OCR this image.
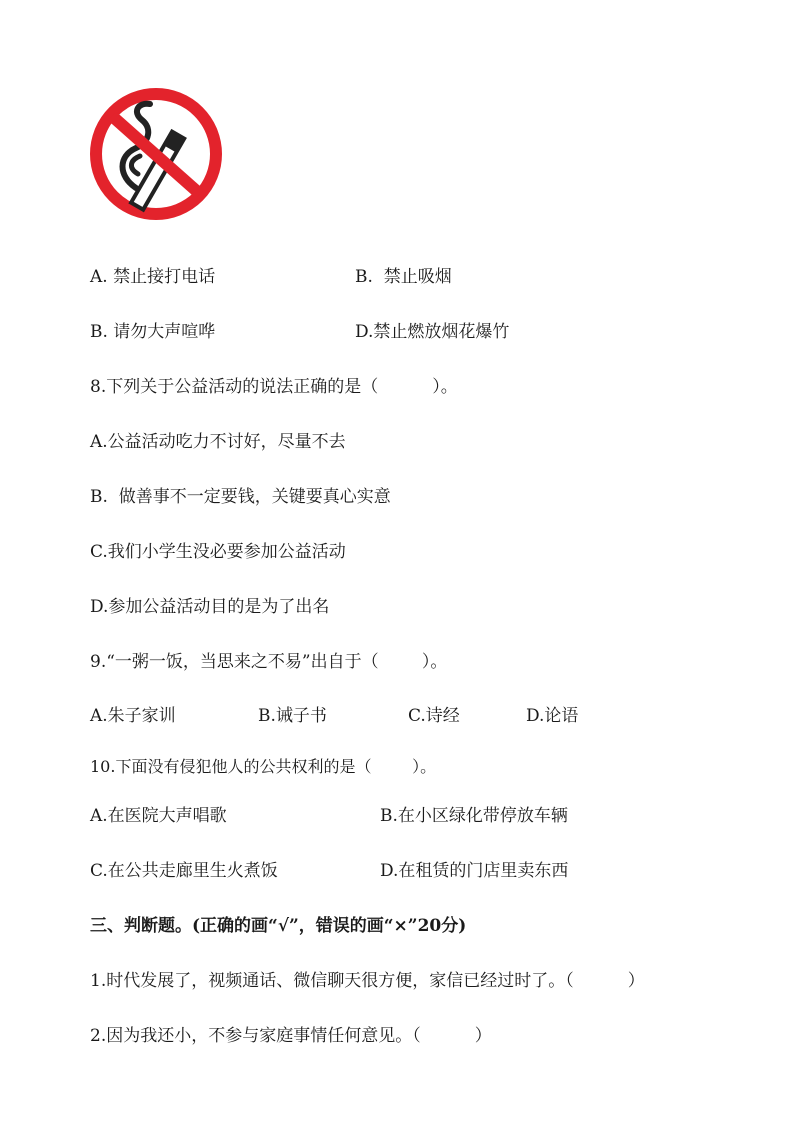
A. 禁止接打电话	B.  禁止吸烟
B. 请勿大声喧哗	D.禁止燃放烟花爆竹
8.下列关于公益活动的说法正确的是（          ）。
A.公益活动吃力不讨好，尽量不去
B.  做善事不一定要钱，关键要真心实意
C.我们小学生没必要参加公益活动
D.参加公益活动目的是为了出名
9.“一粥一饭，当思来之不易”出自于（        ）。
A.朱子家训	B.诫子书	C.诗经	D.论语
10.下面没有侵犯他人的公共权利的是（        ）。
A.在医院大声唱歌	B.在小区绿化带停放车辆
C.在公共走廊里生火煮饭	D.在租赁的门店里卖东西
三、判断题。(正确的画“√”，错误的画“×”20分)
1.时代发展了，视频通话、微信聊天很方便，家信已经过时了。（          ）
2.因为我还小，不参与家庭事情任何意见。（          ）
